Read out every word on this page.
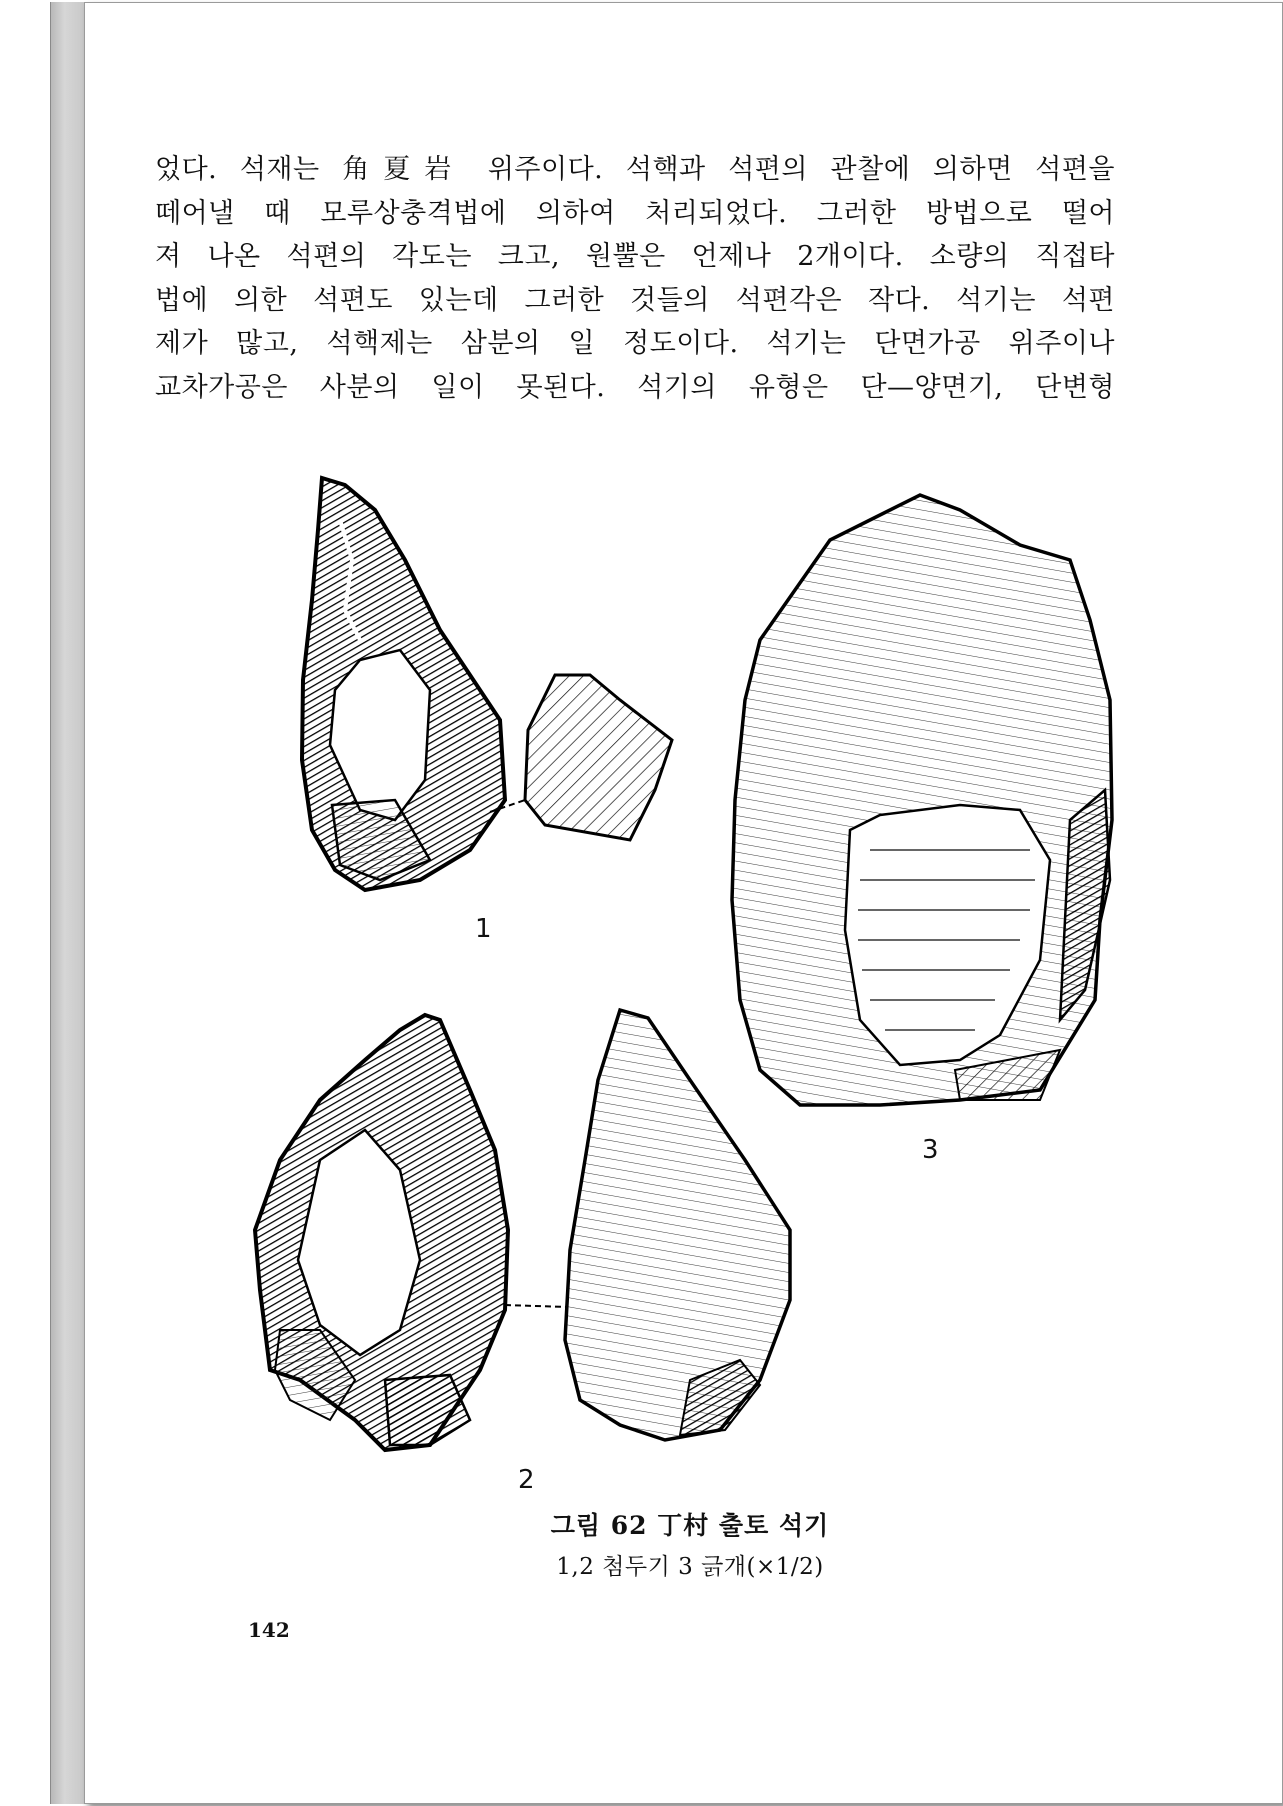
었다. 석재는 角夏岩 위주이다. 석핵과 석편의 관찰에 의하면 석편을
떼어낼 때 모루상충격법에 의하여 처리되었다. 그러한 방법으로 떨어
져 나온 석편의 각도는 크고, 원뿔은 언제나 2개이다. 소량의 직접타
법에 의한 석편도 있는데 그러한 것들의 석편각은 작다. 석기는 석편
제가 많고, 석핵제는 삼분의 일 정도이다. 석기는 단면가공 위주이나
교차가공은 사분의 일이 못된다. 석기의 유형은 단—양면기, 단변형
1
2
3
그림 62 丁村 출토 석기
1,2 첨두기 3 긁개(×1/2)
142
